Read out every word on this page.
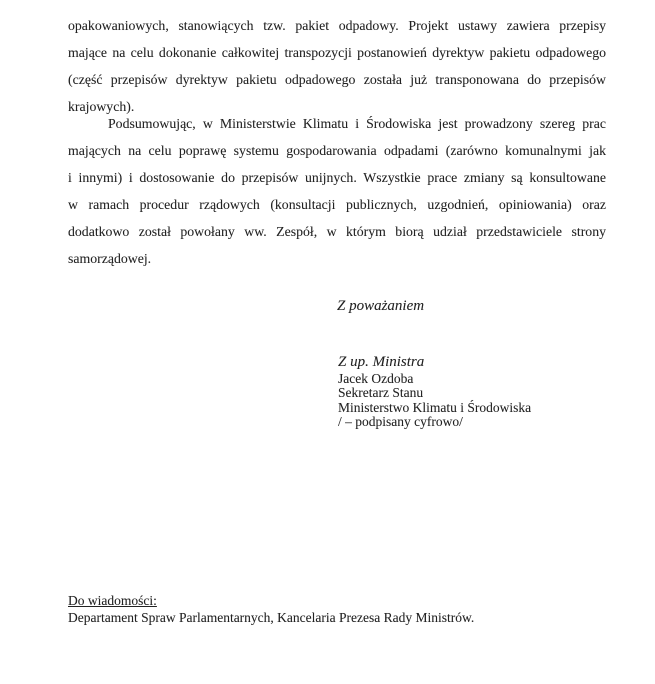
opakowaniowych, stanowiących tzw. pakiet odpadowy. Projekt ustawy zawiera przepisy
mające na celu dokonanie całkowitej transpozycji postanowień dyrektyw pakietu odpadowego
(część przepisów dyrektyw pakietu odpadowego została już transponowana do przepisów
krajowych).
Podsumowując, w Ministerstwie Klimatu i Środowiska jest prowadzony szereg prac
mających na celu poprawę systemu gospodarowania odpadami (zarówno komunalnymi jak
i innymi) i dostosowanie do przepisów unijnych. Wszystkie prace zmiany są konsultowane
w ramach procedur rządowych (konsultacji publicznych, uzgodnień, opiniowania) oraz
dodatkowo został powołany ww. Zespół, w którym biorą udział przedstawiciele strony
samorządowej.
Z poważaniem
Z up. Ministra
Jacek Ozdoba
Sekretarz Stanu
Ministerstwo Klimatu i Środowiska
/ – podpisany cyfrowo/
Do wiadomości:
Departament Spraw Parlamentarnych, Kancelaria Prezesa Rady Ministrów.
